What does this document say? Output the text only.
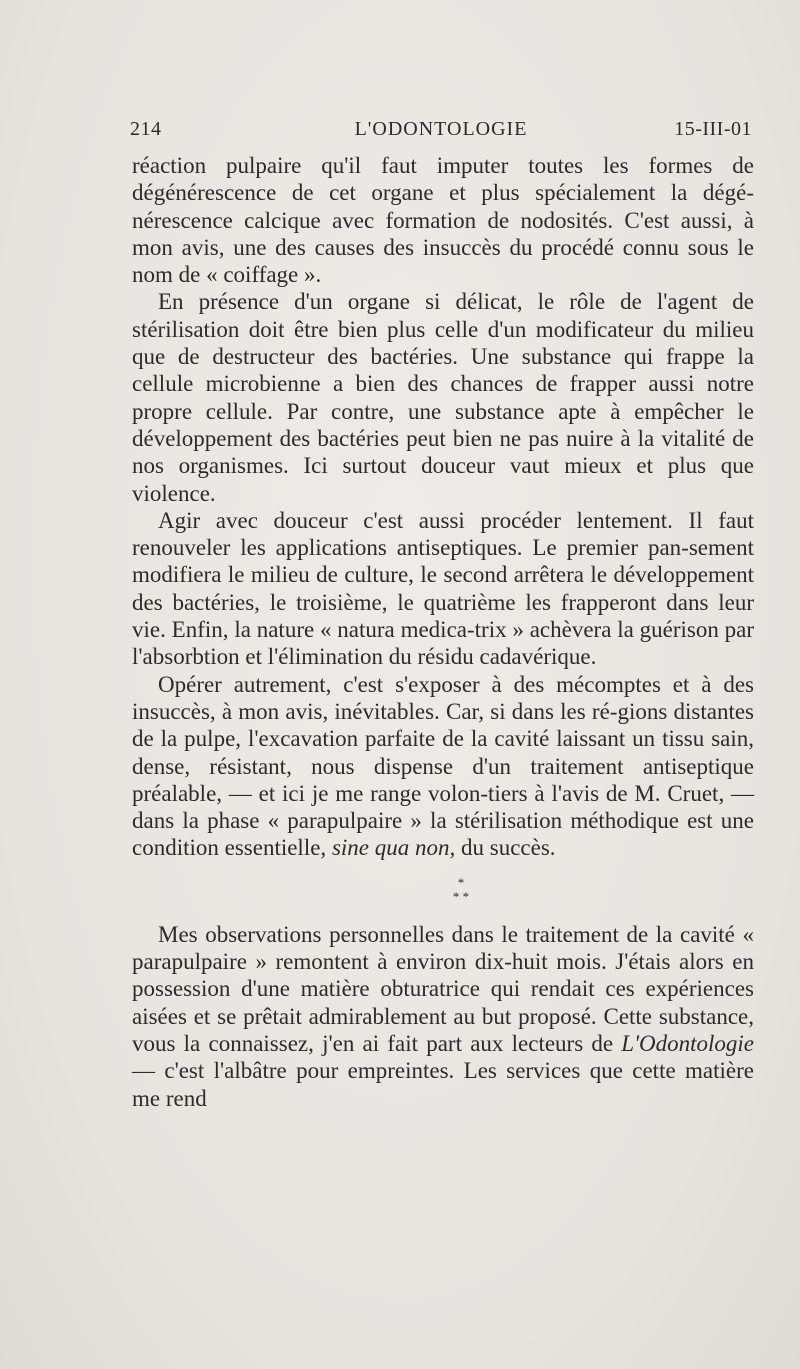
214	L'ODONTOLOGIE	15-III-01

réaction pulpaire qu'il faut imputer toutes les formes de dégénérescence de cet organe et plus spécialement la dégé-nérescence calcique avec formation de nodosités. C'est aussi, à mon avis, une des causes des insuccès du procédé connu sous le nom de « coiffage ».

En présence d'un organe si délicat, le rôle de l'agent de stérilisation doit être bien plus celle d'un modificateur du milieu que de destructeur des bactéries. Une substance qui frappe la cellule microbienne a bien des chances de frapper aussi notre propre cellule. Par contre, une substance apte à empêcher le développement des bactéries peut bien ne pas nuire à la vitalité de nos organismes. Ici surtout douceur vaut mieux et plus que violence.

Agir avec douceur c'est aussi procéder lentement. Il faut renouveler les applications antiseptiques. Le premier pan-sement modifiera le milieu de culture, le second arrêtera le développement des bactéries, le troisième, le quatrième les frapperont dans leur vie. Enfin, la nature « natura medica-trix » achèvera la guérison par l'absorbtion et l'élimination du résidu cadavérique.

Opérer autrement, c'est s'exposer à des mécomptes et à des insuccès, à mon avis, inévitables. Car, si dans les ré-gions distantes de la pulpe, l'excavation parfaite de la cavité laissant un tissu sain, dense, résistant, nous dispense d'un traitement antiseptique préalable, — et ici je me range volon-tiers à l'avis de M. Cruet, — dans la phase « parapulpaire » la stérilisation méthodique est une condition essentielle, sine qua non, du succès.

*
* *

Mes observations personnelles dans le traitement de la cavité « parapulpaire » remontent à environ dix-huit mois. J'étais alors en possession d'une matière obturatrice qui rendait ces expériences aisées et se prêtait admirablement au but proposé. Cette substance, vous la connaissez, j'en ai fait part aux lecteurs de L'Odontologie — c'est l'albâtre pour empreintes. Les services que cette matière me rend
